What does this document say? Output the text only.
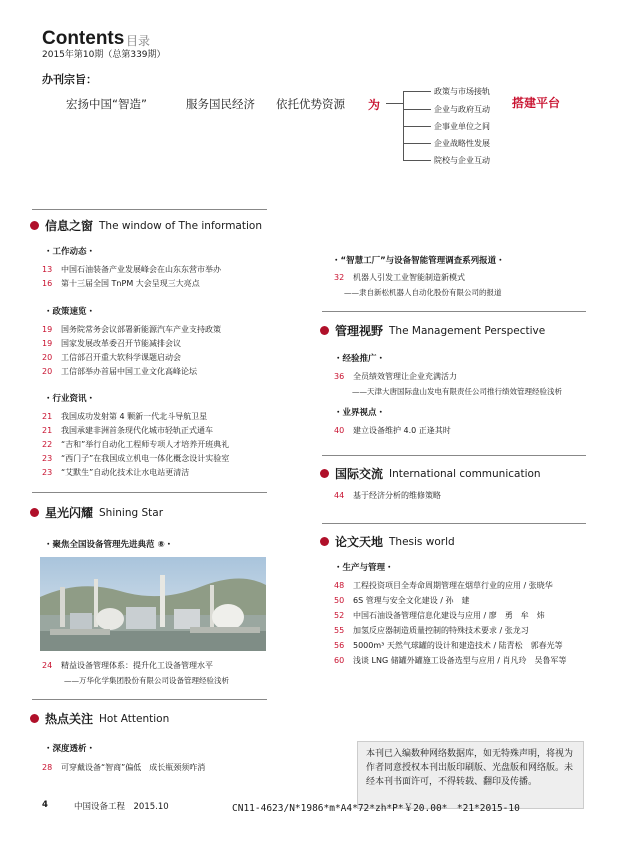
Contents 目录
2015年第10期（总第339期）
办刊宗旨：
宏扬中国“智造”	服务国民经济 依托优势资源 为
政策与市场接轨
企业与政府互动
企事业单位之间
企业战略性发展
院校与企业互动
搭建平台
信息之窗 The window of The information
・工作动态・
13 中国石油装备产业发展峰会在山东东营市举办
16 第十三届全国 TnPM 大会呈现三大亮点
・政策速览・
19 国务院常务会议部署新能源汽车产业支持政策
19 国家发展改革委召开节能减排会议
20 工信部召开重大软科学课题启动会
20 工信部举办首届中国工业文化高峰论坛
・行业资讯・
21 我国成功发射第 4 颗新一代北斗导航卫星
21 我国承建非洲首条现代化城市轻轨正式通车
22 “吉和”举行自动化工程师专项人才培养开班典礼
23 “西门子”在我国成立机电一体化概念设计实验室
23 “艾默生”自动化技术让水电站更清洁
星光闪耀 Shining Star
・聚焦全国设备管理先进典范 ⑧・
24 精益设备管理体系：提升化工设备管理水平
——万华化学集团股份有限公司设备管理经验浅析
热点关注 Hot Attention
・深度透析・
28 可穿戴设备“智商”偏低　成长瓶颈须咋消
・“智慧工厂”与设备智能管理调查系列报道・
32 机器人引发工业智能制造新模式
——隶自新松机器人自动化股份有限公司的报道
管理视野 The Management Perspective
・经验推广・
36 全员绩效管理让企业充满活力
——天津大唐国际盘山发电有限责任公司推行绩效管理经验浅析
・业界视点・
40 建立设备维护 4.0 正逢其时
国际交流 International communication
44 基于经济分析的维修策略
论文天地 Thesis world
・生产与管理・
48 工程投资项目全寿命周期管理在烟草行业的应用 / 张晓华
50 6S 管理与安全文化建设 / 孙　建
52 中国石油设备管理信息化建设与应用 / 廖　勇　牟　炜
55 加氢反应器制造质量控制的特殊技术要求 / 张龙习
56 5000m³ 天然气球罐的设计和建造技术 / 陆青松　郭春光等
60 浅谈 LNG 储罐外罐施工设备选型与应用 / 肖凡玲　吴鲁军等
本刊已入编数种网络数据库，如无特殊声明，将视为作者同意授权本刊出版印刷版、光盘版和网络版。未经本刊书面许可，不得转载、翻印及传播。
4	中国设备工程　2015.10	CN11-4623/N*1986*m*A4*72*zh*P*￥20.00*　*21*2015-10
